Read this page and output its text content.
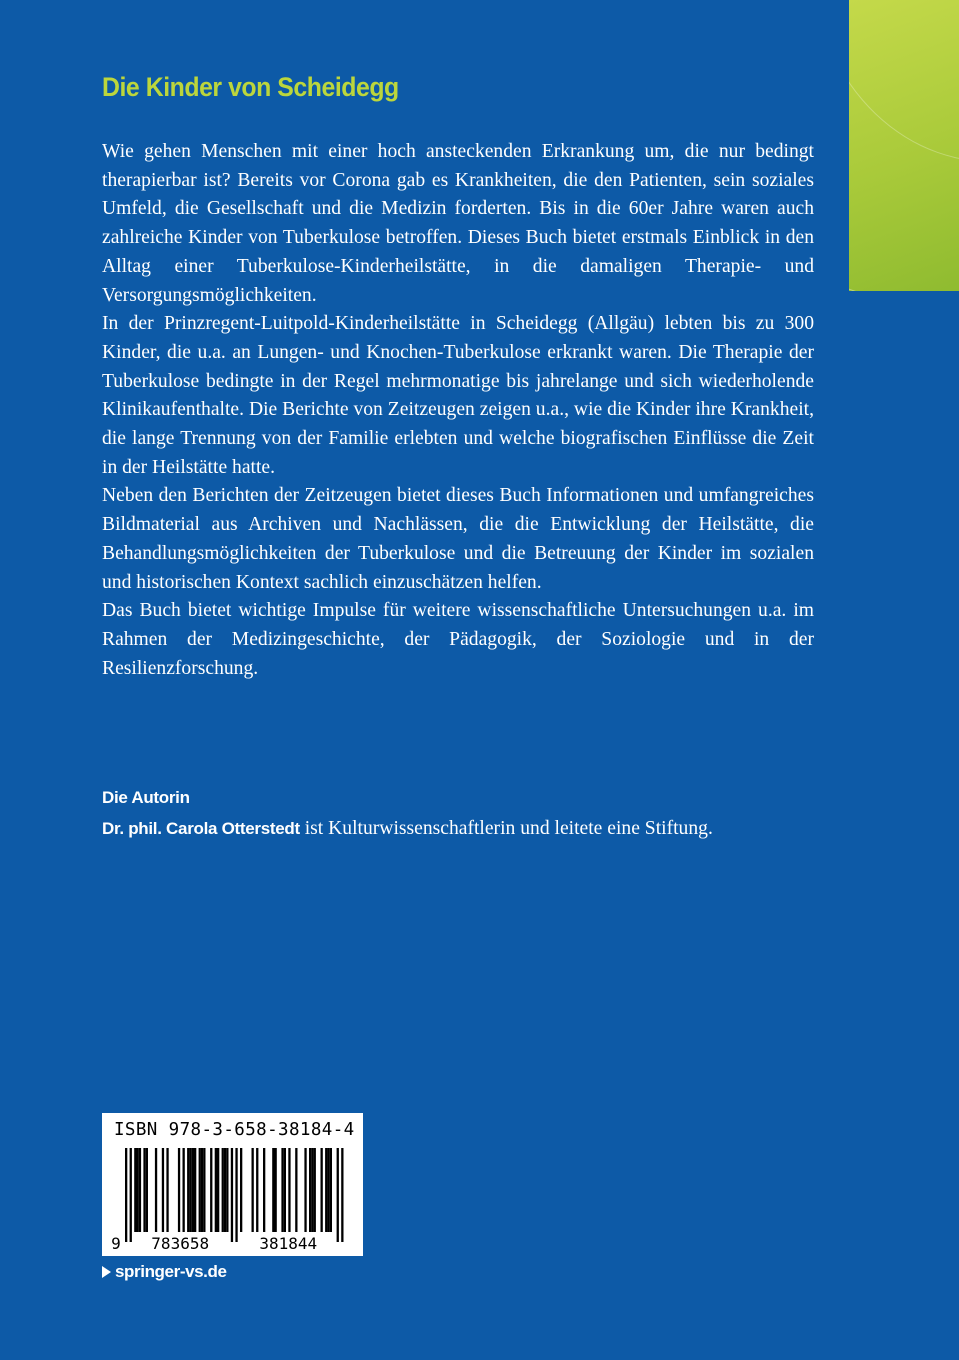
Die Kinder von Scheidegg

Wie gehen Menschen mit einer hoch ansteckenden Erkrankung um, die nur bedingt therapierbar ist? Bereits vor Corona gab es Krankheiten, die den Patienten, sein soziales Umfeld, die Gesellschaft und die Medizin forderten. Bis in die 60er Jahre waren auch zahlreiche Kinder von Tuberkulose betroffen. Dieses Buch bietet erstmals Einblick in den Alltag einer Tuberkulose-Kinderheilstätte, in die damaligen Therapie- und Versorgungsmöglichkeiten.

In der Prinzregent-Luitpold-Kinderheilstätte in Scheidegg (Allgäu) lebten bis zu 300 Kinder, die u.a. an Lungen- und Knochen-Tuberkulose erkrankt waren. Die Therapie der Tuberkulose bedingte in der Regel mehrmonatige bis jahrelange und sich wiederholende Klinikaufenthalte. Die Berichte von Zeitzeugen zeigen u.a., wie die Kinder ihre Krankheit, die lange Trennung von der Familie erlebten und welche biografischen Einflüsse die Zeit in der Heilstätte hatte.

Neben den Berichten der Zeitzeugen bietet dieses Buch Informationen und umfangreiches Bildmaterial aus Archiven und Nachlässen, die die Entwicklung der Heilstätte, die Behandlungsmöglichkeiten der Tuberkulose und die Betreuung der Kinder im sozialen und historischen Kontext sachlich einzuschätzen helfen.

Das Buch bietet wichtige Impulse für weitere wissenschaftliche Untersuchungen u.a. im Rahmen der Medizingeschichte, der Pädagogik, der Soziologie und in der Resilienzforschung.

Die Autorin
Dr. phil. Carola Otterstedt ist Kulturwissenschaftlerin und leitete eine Stiftung.
ISBN 978-3-658-38184-4
9 783658	381844
springer-vs.de
